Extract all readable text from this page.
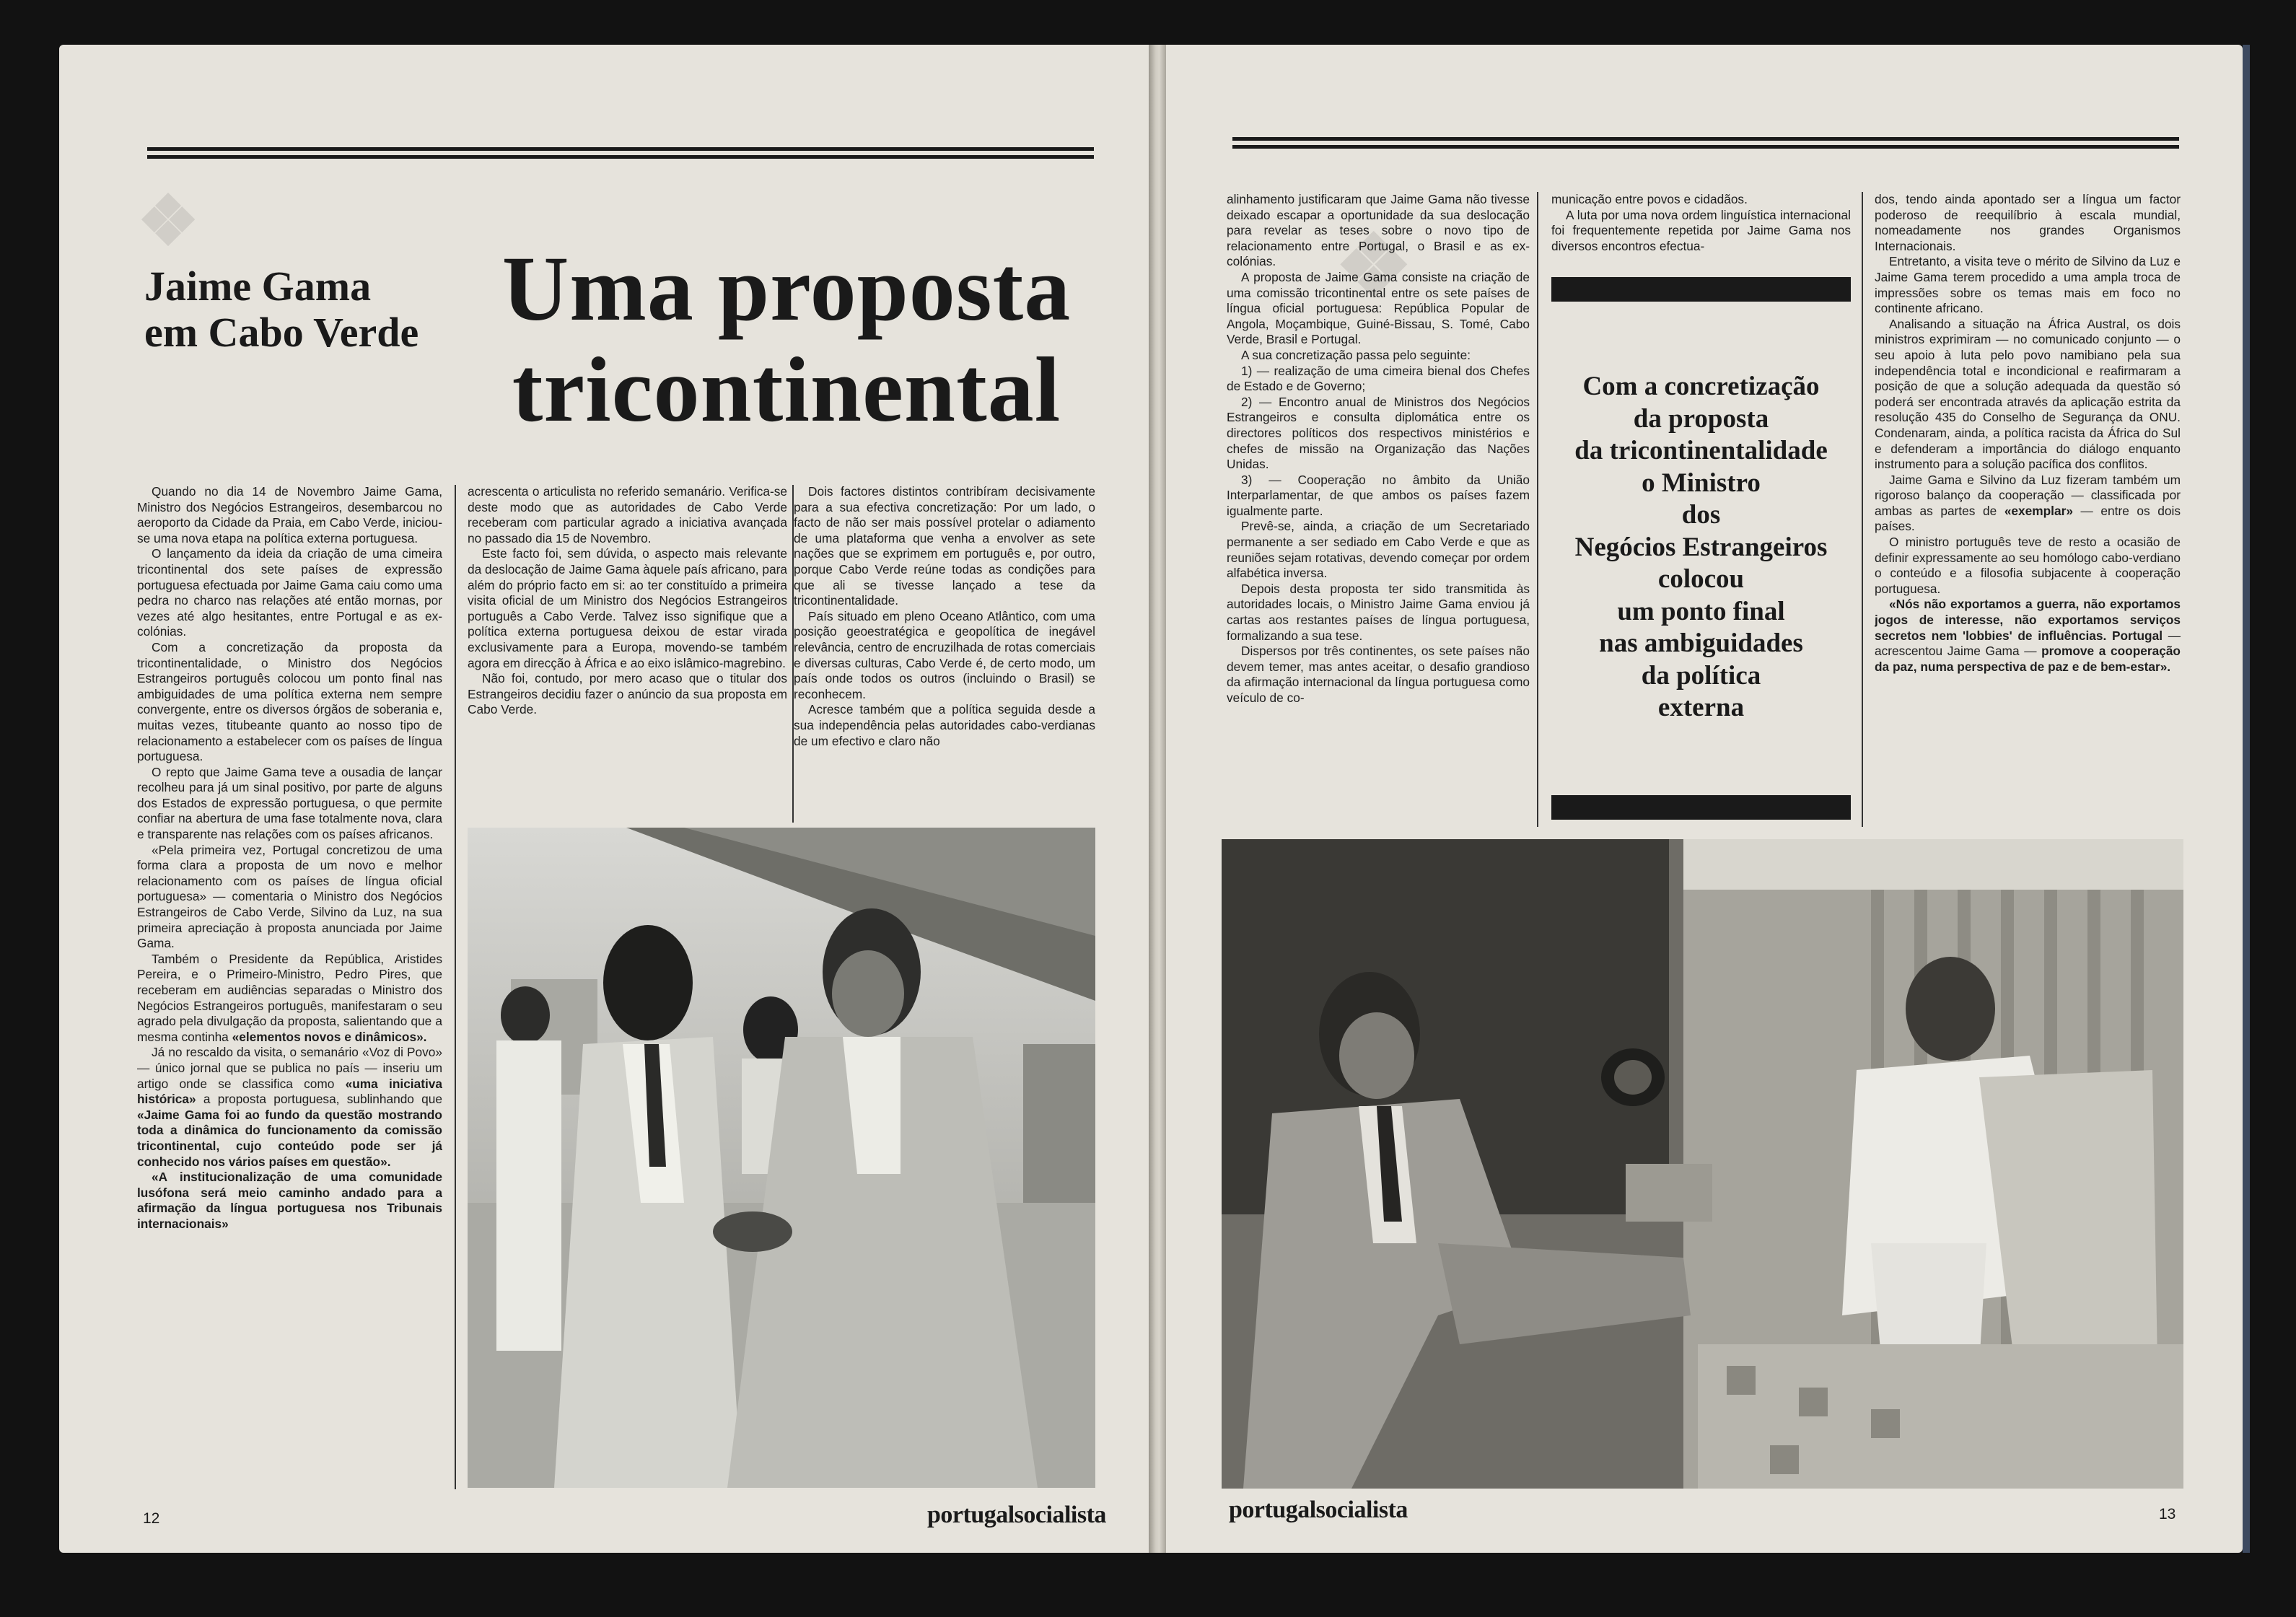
❖	❖
Jaime Gama
em Cabo Verde Uma proposta
tricontinental

Quando no dia 14 de Novembro Jaime Gama, Ministro dos Negócios Estrangeiros, desembarcou no aeroporto da Cidade da Praia, em Cabo Verde, iniciou-se uma nova etapa na política externa portuguesa.

O lançamento da ideia da criação de uma cimeira tricontinental dos sete países de expressão portuguesa efectuada por Jaime Gama caiu como uma pedra no charco nas relações até então mornas, por vezes até algo hesitantes, entre Portugal e as ex-colónias.

Com a concretização da proposta da tricontinentalidade, o Ministro dos Negócios Estrangeiros português colocou um ponto final nas ambiguidades de uma política externa nem sempre convergente, entre os diversos órgãos de soberania e, muitas vezes, titubeante quanto ao nosso tipo de relacionamento a estabelecer com os países de língua portuguesa.

O repto que Jaime Gama teve a ousadia de lançar recolheu para já um sinal positivo, por parte de alguns dos Estados de expressão portuguesa, o que permite confiar na abertura de uma fase totalmente nova, clara e transparente nas relações com os países africanos.

«Pela primeira vez, Portugal concretizou de uma forma clara a proposta de um novo e melhor relacionamento com os países de língua oficial portuguesa» — comentaria o Ministro dos Negócios Estrangeiros de Cabo Verde, Silvino da Luz, na sua primeira apreciação à proposta anunciada por Jaime Gama.

Também o Presidente da República, Aristides Pereira, e o Primeiro-Ministro, Pedro Pires, que receberam em audiências separadas o Ministro dos Negócios Estrangeiros português, manifestaram o seu agrado pela divulgação da proposta, salientando que a mesma continha «elementos novos e dinâmicos».

Já no rescaldo da visita, o semanário «Voz di Povo» — único jornal que se publica no país — inseriu um artigo onde se classifica como «uma iniciativa histórica» a proposta portuguesa, sublinhando que «Jaime Gama foi ao fundo da questão mostrando toda a dinâmica do funcionamento da comissão tricontinental, cujo conteúdo pode ser já conhecido nos vários países em questão».

«A institucionalização de uma comunidade lusófona será meio caminho andado para a afirmação da língua portuguesa nos Tribunais internacionais»

acrescenta o articulista no referido semanário. Verifica-se deste modo que as autoridades de Cabo Verde receberam com particular agrado a iniciativa avançada no passado dia 15 de Novembro.

Este facto foi, sem dúvida, o aspecto mais relevante da deslocação de Jaime Gama àquele país africano, para além do próprio facto em si: ao ter constituído a primeira visita oficial de um Ministro dos Negócios Estrangeiros português a Cabo Verde. Talvez isso signifique que a política externa portuguesa deixou de estar virada exclusivamente para a Europa, movendo-se também agora em direcção à África e ao eixo islâmico-magrebino.

Não foi, contudo, por mero acaso que o titular dos Estrangeiros decidiu fazer o anúncio da sua proposta em Cabo Verde.

Dois factores distintos contribíram decisivamente para a sua efectiva concretização: Por um lado, o facto de não ser mais possível protelar o adiamento de uma plataforma que venha a envolver as sete nações que se exprimem em português e, por outro, porque Cabo Verde reúne todas as condições para que ali se tivesse lançado a tese da tricontinentalidade.

País situado em pleno Oceano Atlântico, com uma posição geoestratégica e geopolítica de inegável relevância, centro de encruzilhada de rotas comerciais e diversas culturas, Cabo Verde é, de certo modo, um país onde todos os outros (incluindo o Brasil) se reconhecem.

Acresce também que a política seguida desde a sua independência pelas autoridades cabo-verdianas de um efectivo e claro não

12	portugalsocialista

alinhamento justificaram que Jaime Gama não tivesse deixado escapar a oportunidade da sua deslocação para revelar as teses sobre o novo tipo de relacionamento entre Portugal, o Brasil e as ex-colónias.

A proposta de Jaime Gama consiste na criação de uma comissão tricontinental entre os sete países de língua oficial portuguesa: República Popular de Angola, Moçambique, Guiné-Bissau, S. Tomé, Cabo Verde, Brasil e Portugal.

A sua concretização passa pelo seguinte:

1) — realização de uma cimeira bienal dos Chefes de Estado e de Governo;

2) — Encontro anual de Ministros dos Negócios Estrangeiros e consulta diplomática entre os directores políticos dos respectivos ministérios e chefes de missão na Organização das Nações Unidas.

3) — Cooperação no âmbito da União Interparlamentar, de que ambos os países fazem igualmente parte.

Prevê-se, ainda, a criação de um Secretariado permanente a ser sediado em Cabo Verde e que as reuniões sejam rotativas, devendo começar por ordem alfabética inversa.

Depois desta proposta ter sido transmitida às autoridades locais, o Ministro Jaime Gama enviou já cartas aos restantes países de língua portuguesa, formalizando a sua tese.

Dispersos por três continentes, os sete países não devem temer, mas antes aceitar, o desafio grandioso da afirmação internacional da língua portuguesa como veículo de co-

municação entre povos e cidadãos.

A luta por uma nova ordem linguística internacional foi frequentemente repetida por Jaime Gama nos diversos encontros efectua-

Com a concretização
da proposta
da tricontinentalidade
o Ministro
dos
Negócios Estrangeiros
colocou
um ponto final
nas ambiguidades
da política
externa

dos, tendo ainda apontado ser a língua um factor poderoso de reequilíbrio à escala mundial, nomeadamente nos grandes Organismos Internacionais.

Entretanto, a visita teve o mérito de Silvino da Luz e Jaime Gama terem procedido a uma ampla troca de impressões sobre os temas mais em foco no continente africano.

Analisando a situação na África Austral, os dois ministros exprimiram — no comunicado conjunto — o seu apoio à luta pelo povo namibiano pela sua independência total e incondicional e reafirmaram a posição de que a solução adequada da questão só poderá ser encontrada através da aplicação estrita da resolução 435 do Conselho de Segurança da ONU. Condenaram, ainda, a política racista da África do Sul e defenderam a importância do diálogo enquanto instrumento para a solução pacífica dos conflitos.

Jaime Gama e Silvino da Luz fizeram também um rigoroso balanço da cooperação — classificada por ambas as partes de «exemplar» — entre os dois países.

O ministro português teve de resto a ocasião de definir expressamente ao seu homólogo cabo-verdiano o conteúdo e a filosofia subjacente à cooperação portuguesa.

«Nós não exportamos a guerra, não exportamos jogos de interesse, não exportamos serviços secretos nem 'lobbies' de influências. Portugal — acrescentou Jaime Gama — promove a cooperação da paz, numa perspectiva de paz e de bem-estar».

portugalsocialista	13
